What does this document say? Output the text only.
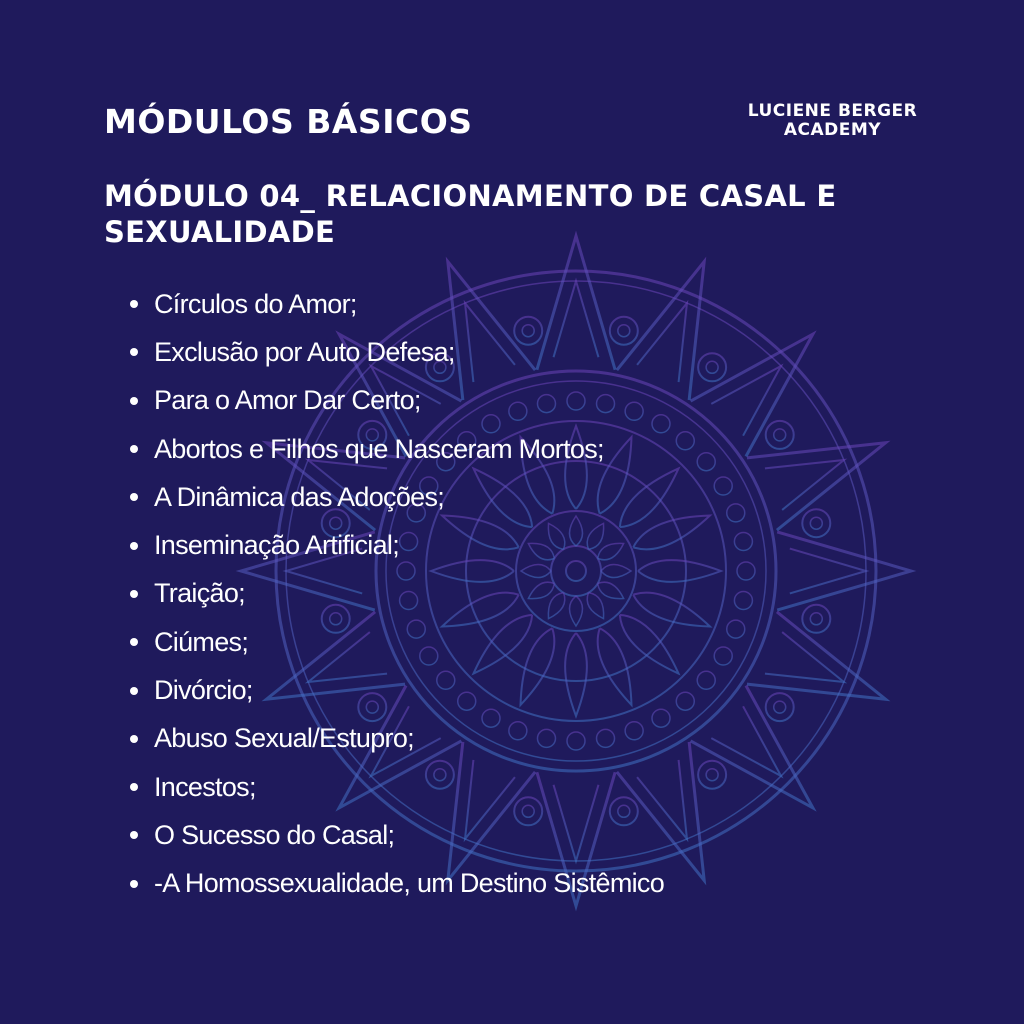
MÓDULOS BÁSICOS	LUCIENE BERGER
ACADEMY
MÓDULO 04_ RELACIONAMENTO DE CASAL E SEXUALIDADE
Círculos do Amor;
Exclusão por Auto Defesa;
Para o Amor Dar Certo;
Abortos e Filhos que Nasceram Mortos;
A Dinâmica das Adoções;
Inseminação Artificial;
Traição;
Ciúmes;
Divórcio;
Abuso Sexual/Estupro;
Incestos;
O Sucesso do Casal;
-A Homossexualidade, um Destino Sistêmico
